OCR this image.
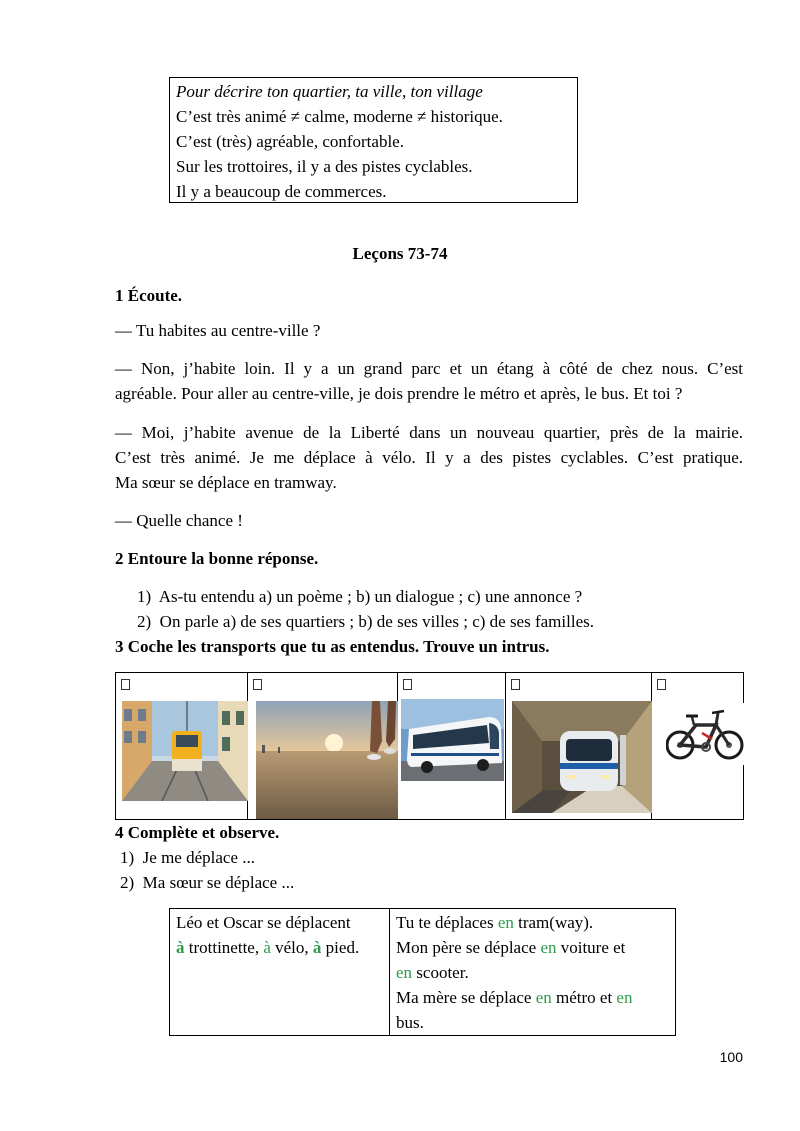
Pour décrire ton quartier, ta ville, ton village
C’est très animé ≠ calme, moderne ≠ historique.
C’est (très) agréable, confortable.
Sur les trottoires, il y a des pistes cyclables.
Il y a beaucoup de commerces.
Leçons 73-74
1 Écoute.
— Tu habites au centre-ville ?
— Non, j’habite loin. Il y a un grand parc et un étang à côté de chez nous. C’est
agréable. Pour aller au centre-ville, je dois prendre le métro et après, le bus. Et toi ?
— Moi, j’habite avenue de la Liberté dans un nouveau quartier, près de la mairie.
C’est très animé. Je me déplace à vélo. Il y a des pistes cyclables. C’est pratique.
Ma sœur se déplace en tramway.
— Quelle chance !
2 Entoure la bonne réponse.
1) As-tu entendu a) un poème ; b) un dialogue ; c) une annonce ?
2) On parle a) de ses quartiers ; b) de ses villes ; c) de ses familles.
3 Coche les transports que tu as entendus. Trouve un intrus.

4 Complète et observe.
1) Je me déplace ...
2) Ma sœur se déplace ...
Léo et Oscar se déplacent
à trottinette, à vélo, à pied.

Tu te déplaces en tram(way).
Mon père se déplace en voiture et
en scooter.
Ma mère se déplace en métro et en
bus.
100
